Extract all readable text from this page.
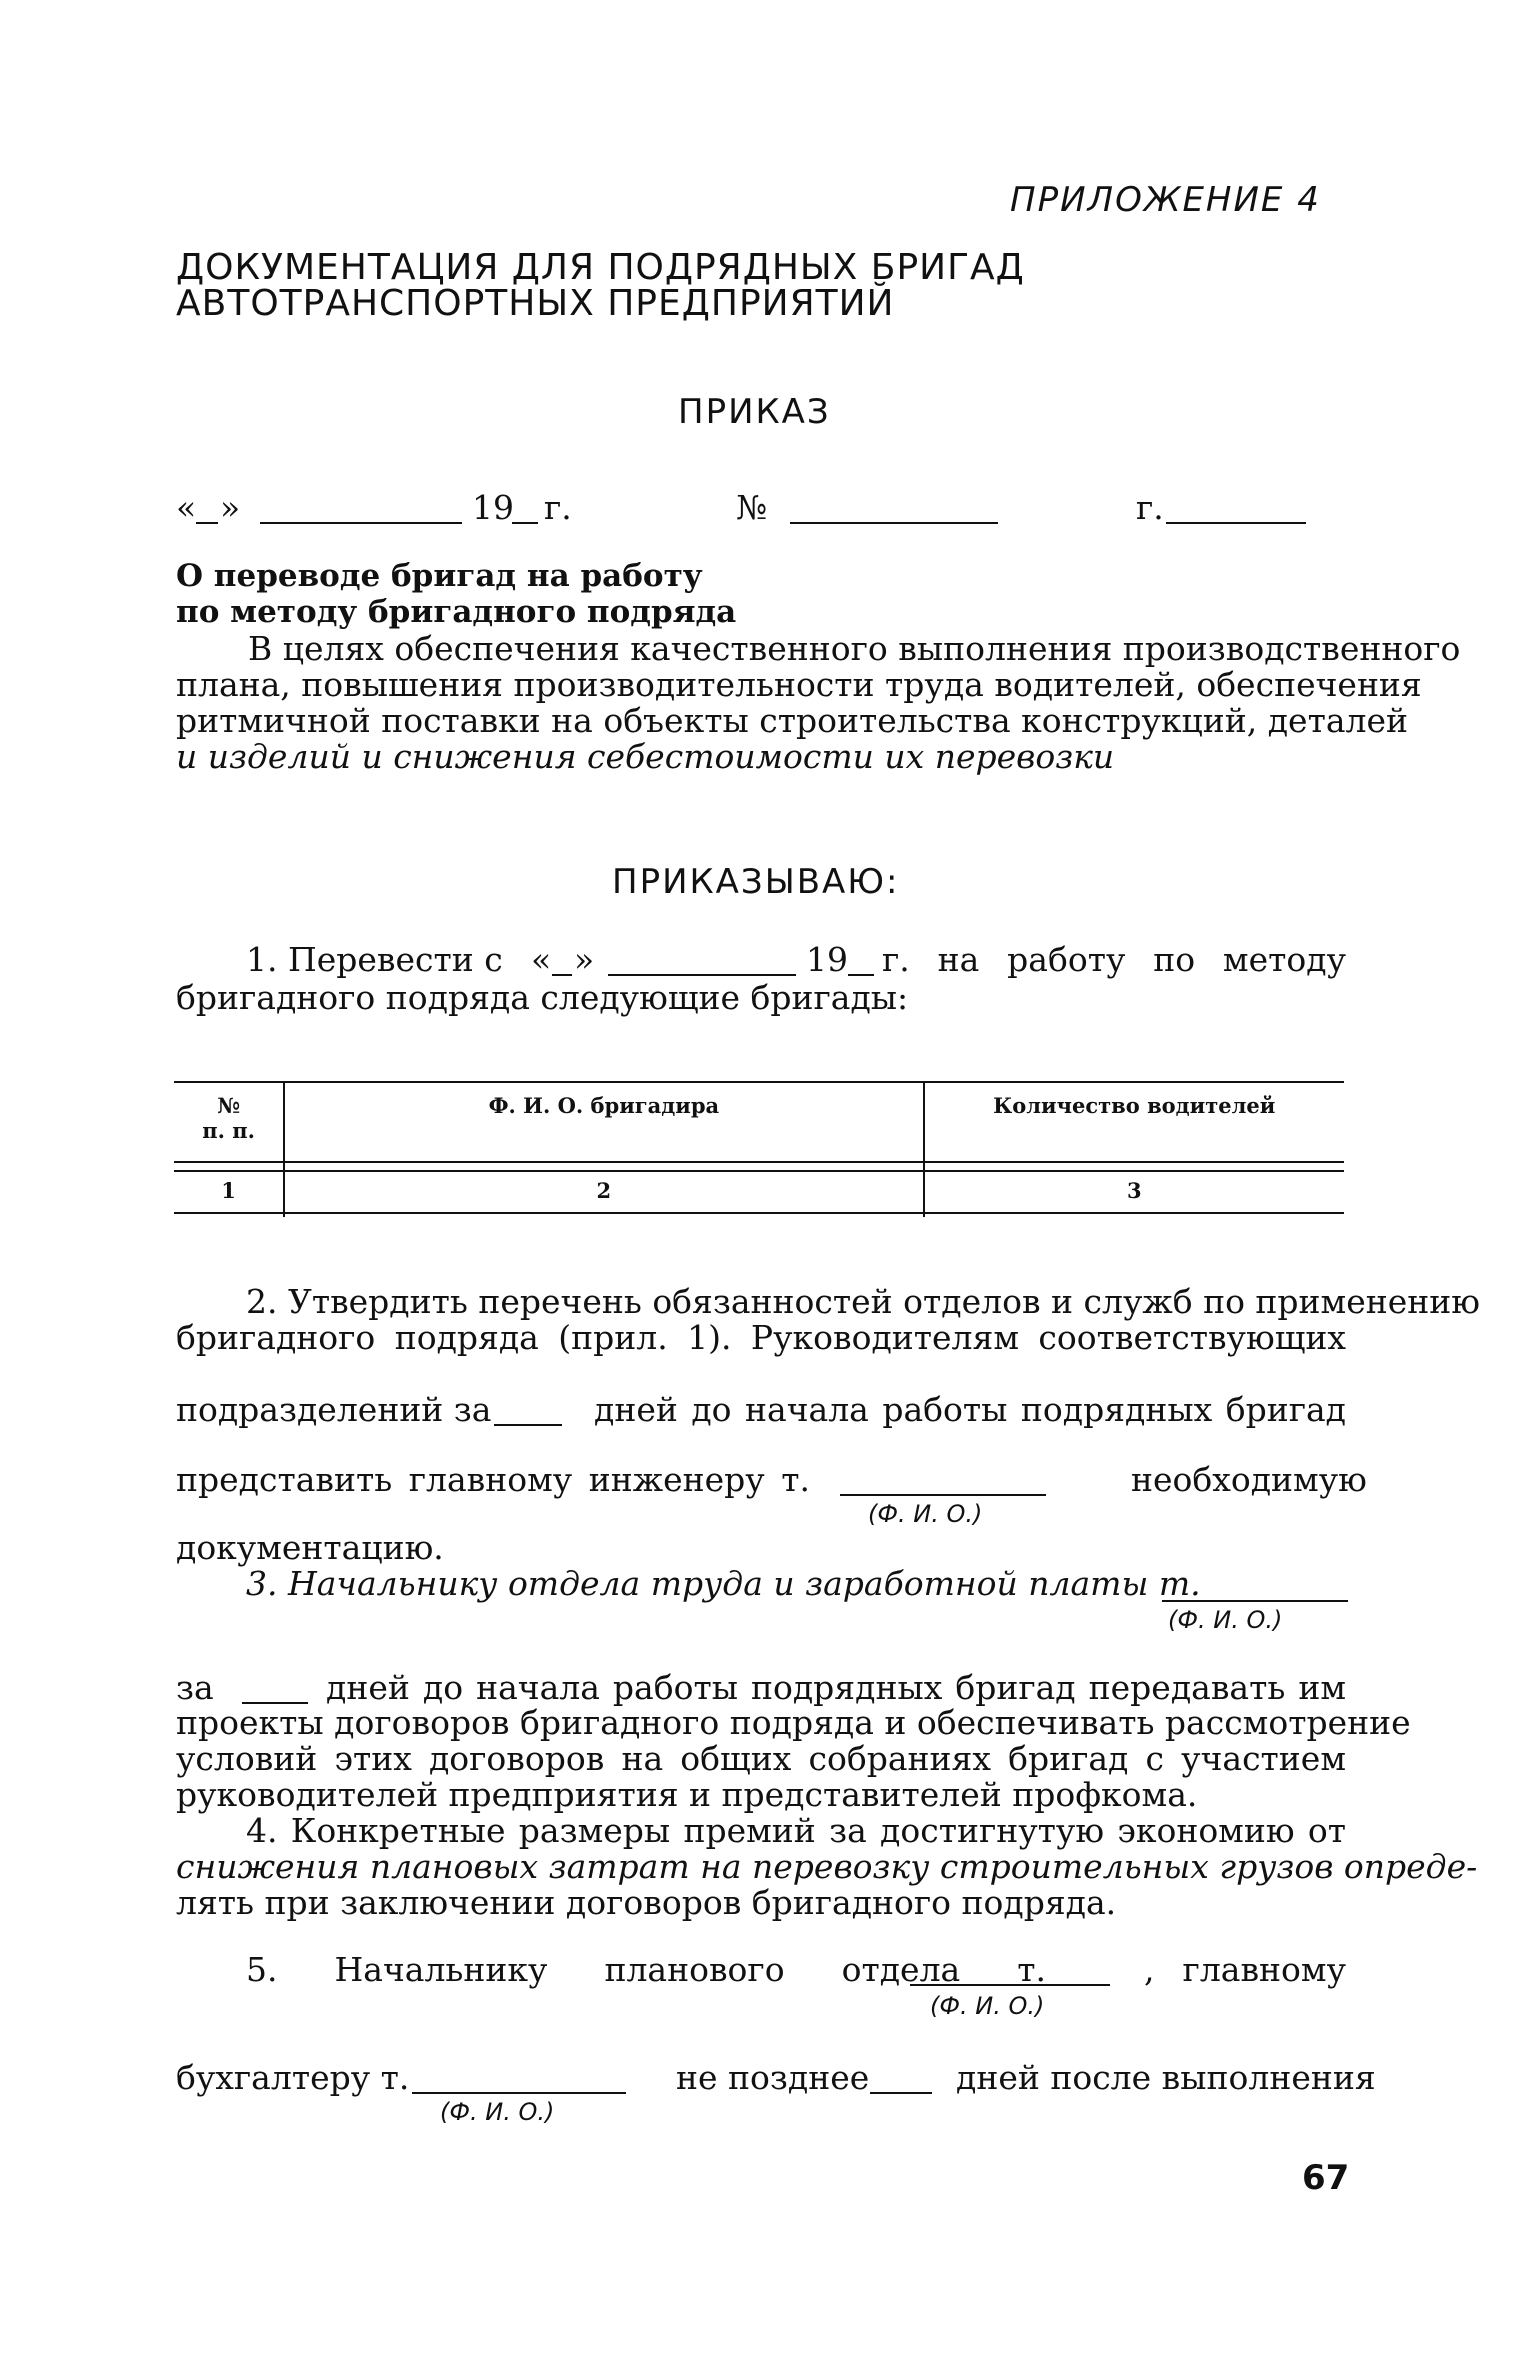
ПРИЛОЖЕНИЕ 4
ДОКУМЕНТАЦИЯ ДЛЯ ПОДРЯДНЫХ БРИГАД
АВТОТРАНСПОРТНЫХ ПРЕДПРИЯТИЙ
ПРИКАЗ
« »	19 г.	№	г.
О переводе бригад на работу
по методу бригадного подряда
В целях обеспечения качественного выполнения производственного
плана, повышения производительности труда водителей, обеспечения
ритмичной поставки на объекты строительства конструкций, деталей
и изделий и снижения себестоимости их перевозки
ПРИКАЗЫВАЮ:
1. Перевести с « »	19 г. на работу по методу
бригадного подряда следующие бригады:
№
п. п.	Ф. И. О. бригадира	Количество водителей
1	2	3
2. Утвердить перечень обязанностей отделов и служб по применению
бригадного подряда (прил. 1). Руководителям соответствующих
подразделений за	дней до начала работы подрядных бригад
представить главному инженеру т.	необходимую
(Ф. И. О.)
документацию.
3. Начальнику отдела труда и заработной платы т.
(Ф. И. О.)
за	дней до начала работы подрядных бригад передавать им
проекты договоров бригадного подряда и обеспечивать рассмотрение
условий этих договоров на общих собраниях бригад с участием
руководителей предприятия и представителей профкома.
4. Конкретные размеры премий за достигнутую экономию от
снижения плановых затрат на перевозку строительных грузов опреде-
лять при заключении договоров бригадного подряда.
5. Начальнику планового отдела т.	, главному
(Ф. И. О.)
бухгалтеру т.	не позднее	дней после выполнения
(Ф. И. О.)
67
